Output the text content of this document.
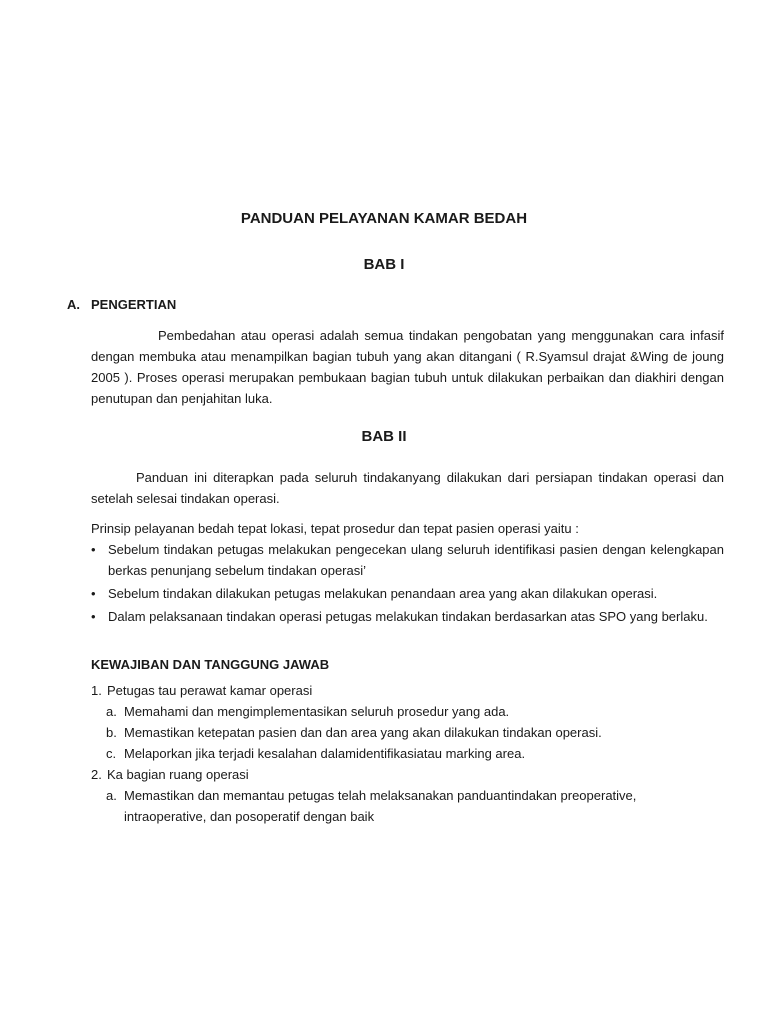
PANDUAN PELAYANAN KAMAR BEDAH
BAB I
A. PENGERTIAN

Pembedahan atau operasi adalah semua tindakan pengobatan yang menggunakan cara infasif dengan membuka atau menampilkan bagian tubuh yang akan ditangani ( R.Syamsul drajat &Wing de joung 2005 ). Proses operasi merupakan pembukaan bagian tubuh untuk dilakukan perbaikan dan diakhiri dengan penutupan dan penjahitan luka.

BAB II

Panduan ini diterapkan pada seluruh tindakanyang dilakukan dari persiapan tindakan operasi dan setelah selesai tindakan operasi.

Prinsip pelayanan bedah tepat lokasi, tepat prosedur dan tepat pasien operasi yaitu :

• Sebelum tindakan petugas melakukan pengecekan ulang seluruh identifikasi pasien dengan kelengkapan berkas penunjang sebelum tindakan operasi’
• Sebelum tindakan dilakukan petugas melakukan penandaan area yang akan dilakukan operasi.
• Dalam pelaksanaan tindakan operasi petugas melakukan tindakan berdasarkan atas SPO yang berlaku.
KEWAJIBAN DAN TANGGUNG JAWAB
1. Petugas tau perawat kamar operasi
a. Memahami dan mengimplementasikan seluruh prosedur yang ada.
b. Memastikan ketepatan pasien dan dan area yang akan dilakukan tindakan operasi.
c. Melaporkan jika terjadi kesalahan dalamidentifikasiatau marking area.
2. Ka bagian ruang operasi
a. Memastikan dan memantau petugas telah melaksanakan panduantindakan preoperative,
intraoperative, dan posoperatif dengan baik
